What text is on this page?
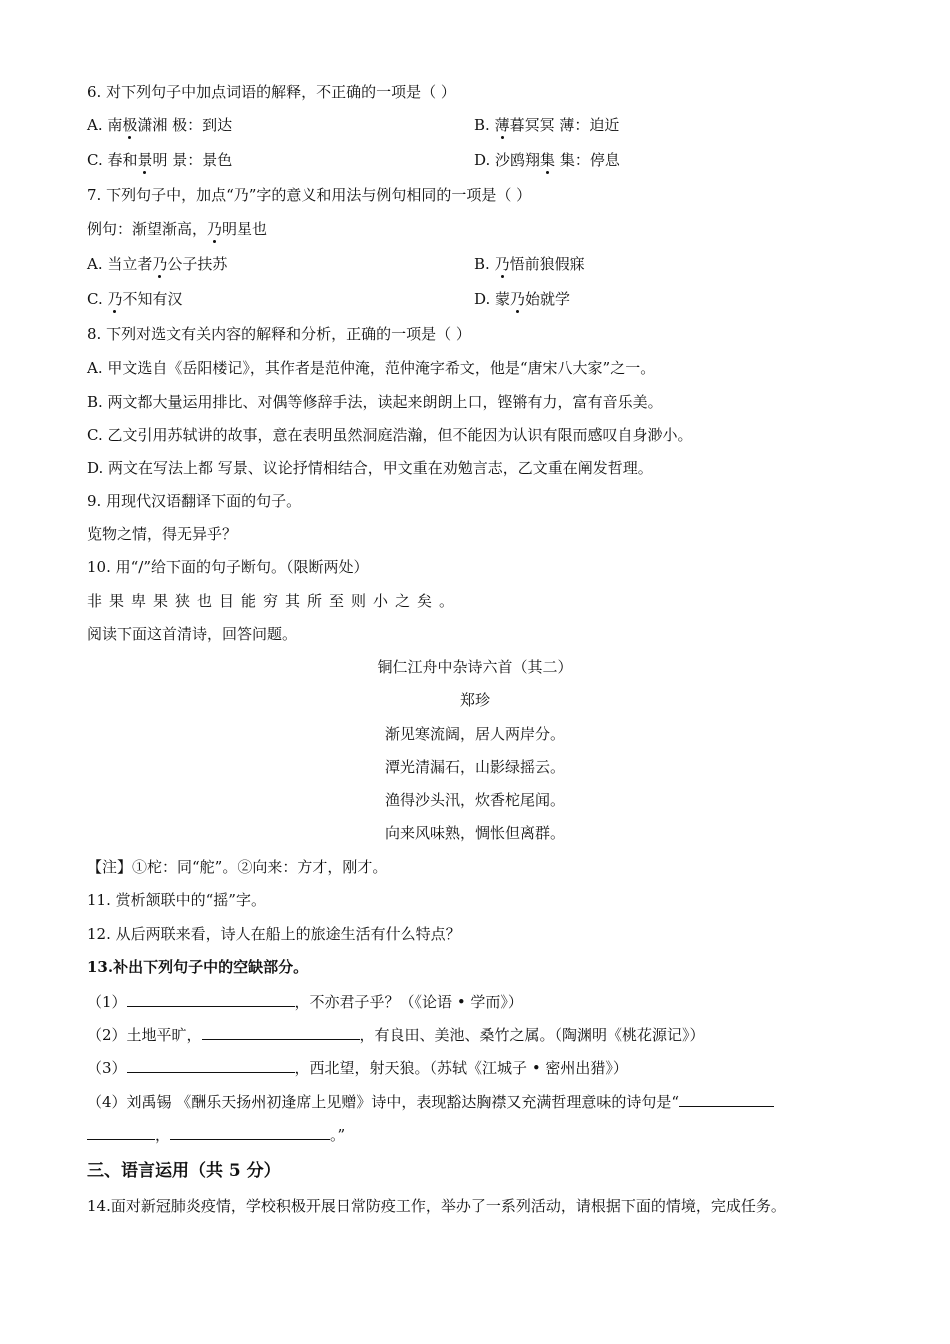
6. 对下列句子中加点词语的解释，不正确的一项是（ ）
A. 南极潇湘 极：到达	B. 薄暮冥冥 薄：迫近
C. 春和景明 景：景色	D. 沙鸥翔集 集：停息
7. 下列句子中，加点“乃”字的意义和用法与例句相同的一项是（ ）
例句：渐望渐高，乃明星也
A. 当立者乃公子扶苏	B. 乃悟前狼假寐
C. 乃不知有汉	D. 蒙乃始就学
8. 下列对选文有关内容的解释和分析，正确的一项是（ ）
A. 甲文选自《岳阳楼记》，其作者是范仲淹，范仲淹字希文，他是“唐宋八大家”之一。
B. 两文都大量运用排比、对偶等修辞手法，读起来朗朗上口，铿锵有力，富有音乐美。
C. 乙文引用苏轼讲的故事，意在表明虽然洞庭浩瀚，但不能因为认识有限而感叹自身渺小。
D. 两文在写法上都 写景、议论抒情相结合，甲文重在劝勉言志，乙文重在阐发哲理。
9. 用现代汉语翻译下面的句子。
览物之情，得无异乎？
10. 用“/”给下面的句子断句。（限断两处）
非果卑果狭也目能穷其所至则小之矣。
阅读下面这首清诗，回答问题。
铜仁江舟中杂诗六首（其二）
郑珍
渐见寒流阔，居人两岸分。
潭光清漏石，山影绿摇云。
渔得沙头汛，炊香柁尾闻。
向来风味熟，惆怅但离群。
【注】①柁：同“舵”。②向来：方才，刚才。
11. 赏析颔联中的“摇”字。
12. 从后两联来看，诗人在船上的旅途生活有什么特点？
13.补出下列句子中的空缺部分。
（1）	，不亦君子乎？（《论语 • 学而》）
（2）土地平旷，	，有良田、美池、桑竹之属。（陶渊明《桃花源记》）
（3）	，西北望，射天狼。（苏轼《江城子 • 密州出猎》）
（4）刘禹锡 《酬乐天扬州初逢席上见赠》诗中，表现豁达胸襟又充满哲理意味的诗句是“
，	。”
三、语言运用（共 5 分）
14.面对新冠肺炎疫情，学校积极开展日常防疫工作，举办了一系列活动，请根据下面的情境，完成任务。
